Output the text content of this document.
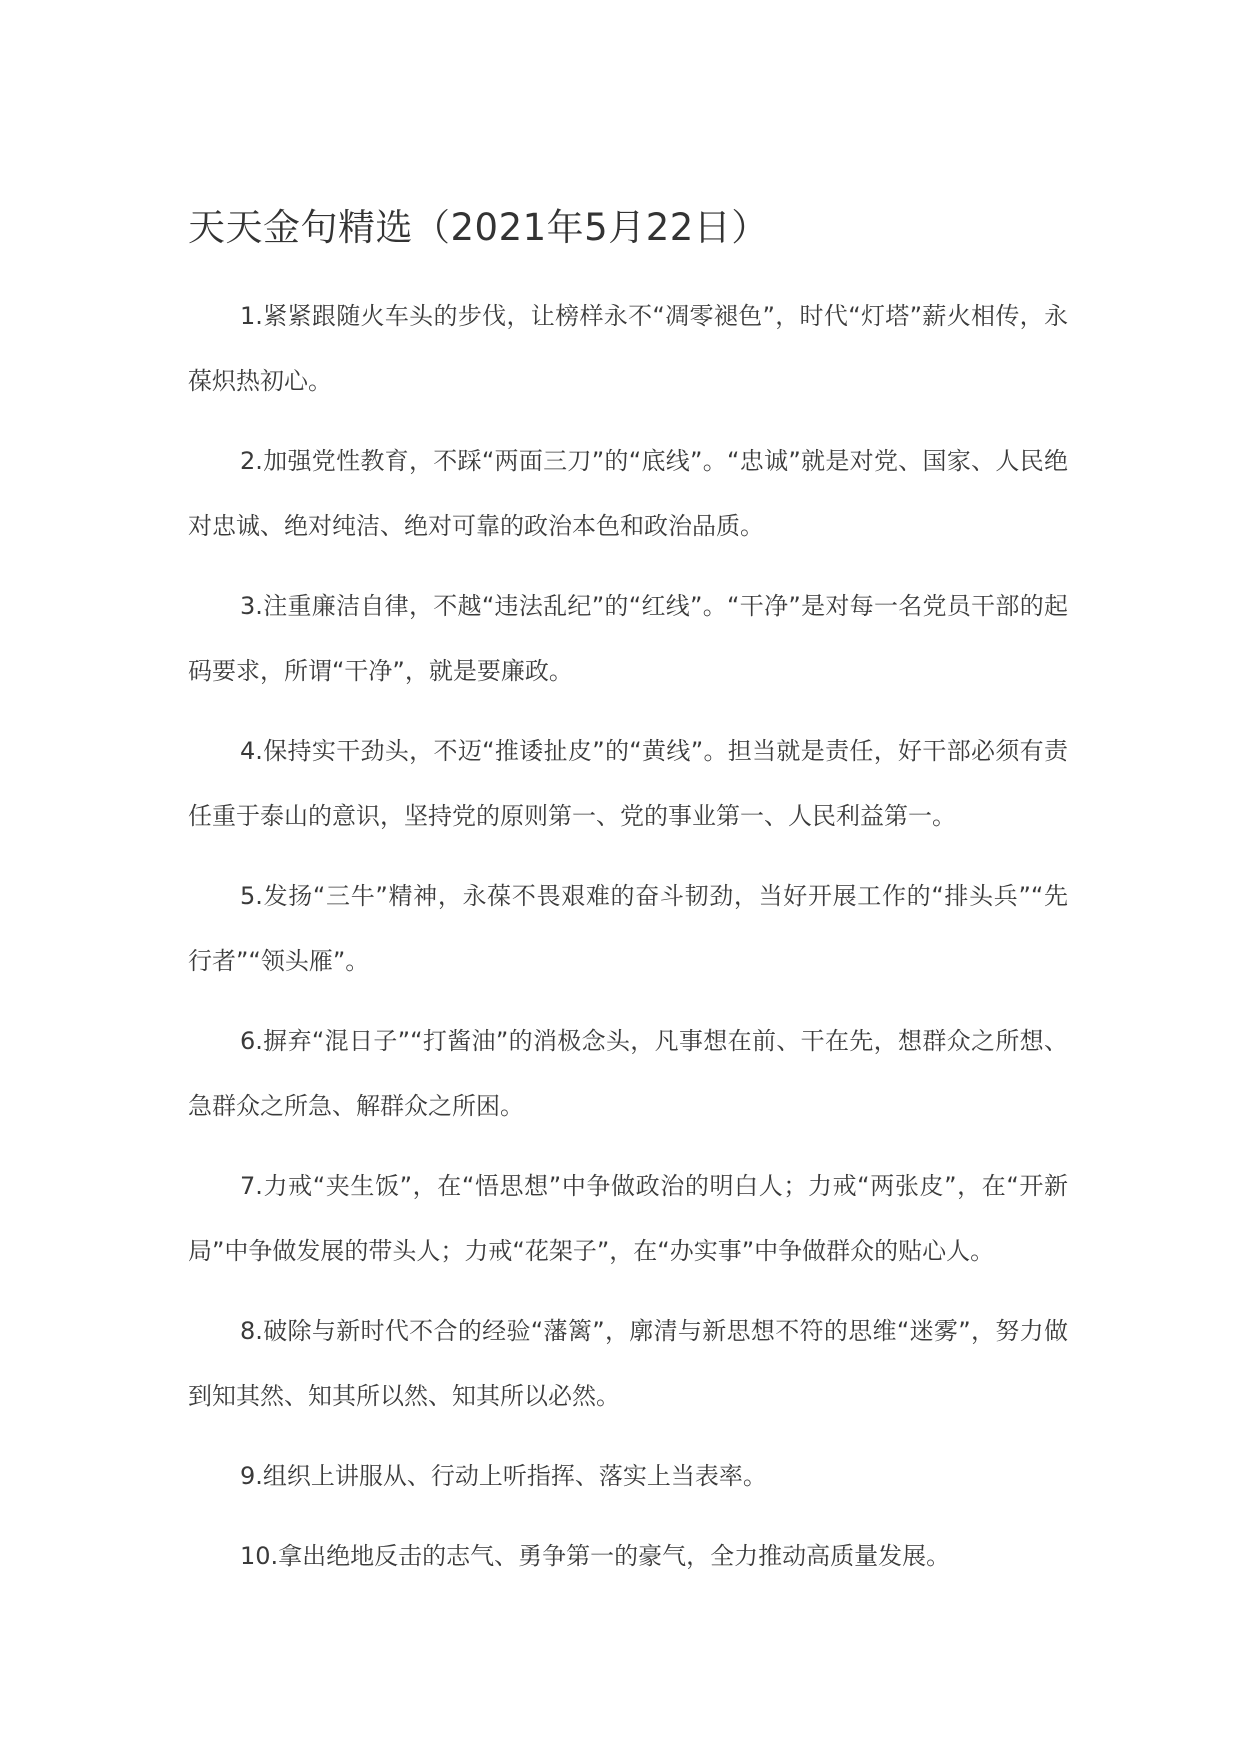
天天金句精选（2021年5月22日）

1.紧紧跟随火车头的步伐，让榜样永不“凋零褪色”，时代“灯塔”薪火相传，永葆炽热初心。

2.加强党性教育，不踩“两面三刀”的“底线”。“忠诚”就是对党、国家、人民绝对忠诚、绝对纯洁、绝对可靠的政治本色和政治品质。

3.注重廉洁自律，不越“违法乱纪”的“红线”。“干净”是对每一名党员干部的起码要求，所谓“干净”，就是要廉政。

4.保持实干劲头，不迈“推诿扯皮”的“黄线”。担当就是责任，好干部必须有责任重于泰山的意识，坚持党的原则第一、党的事业第一、人民利益第一。

5.发扬“三牛”精神，永葆不畏艰难的奋斗韧劲，当好开展工作的“排头兵”“先行者”“领头雁”。

6.摒弃“混日子”“打酱油”的消极念头，凡事想在前、干在先，想群众之所想、急群众之所急、解群众之所困。

7.力戒“夹生饭”，在“悟思想”中争做政治的明白人；力戒“两张皮”，在“开新局”中争做发展的带头人；力戒“花架子”，在“办实事”中争做群众的贴心人。

8.破除与新时代不合的经验“藩篱”，廓清与新思想不符的思维“迷雾”，努力做到知其然、知其所以然、知其所以必然。

9.组织上讲服从、行动上听指挥、落实上当表率。

10.拿出绝地反击的志气、勇争第一的豪气，全力推动高质量发展。
